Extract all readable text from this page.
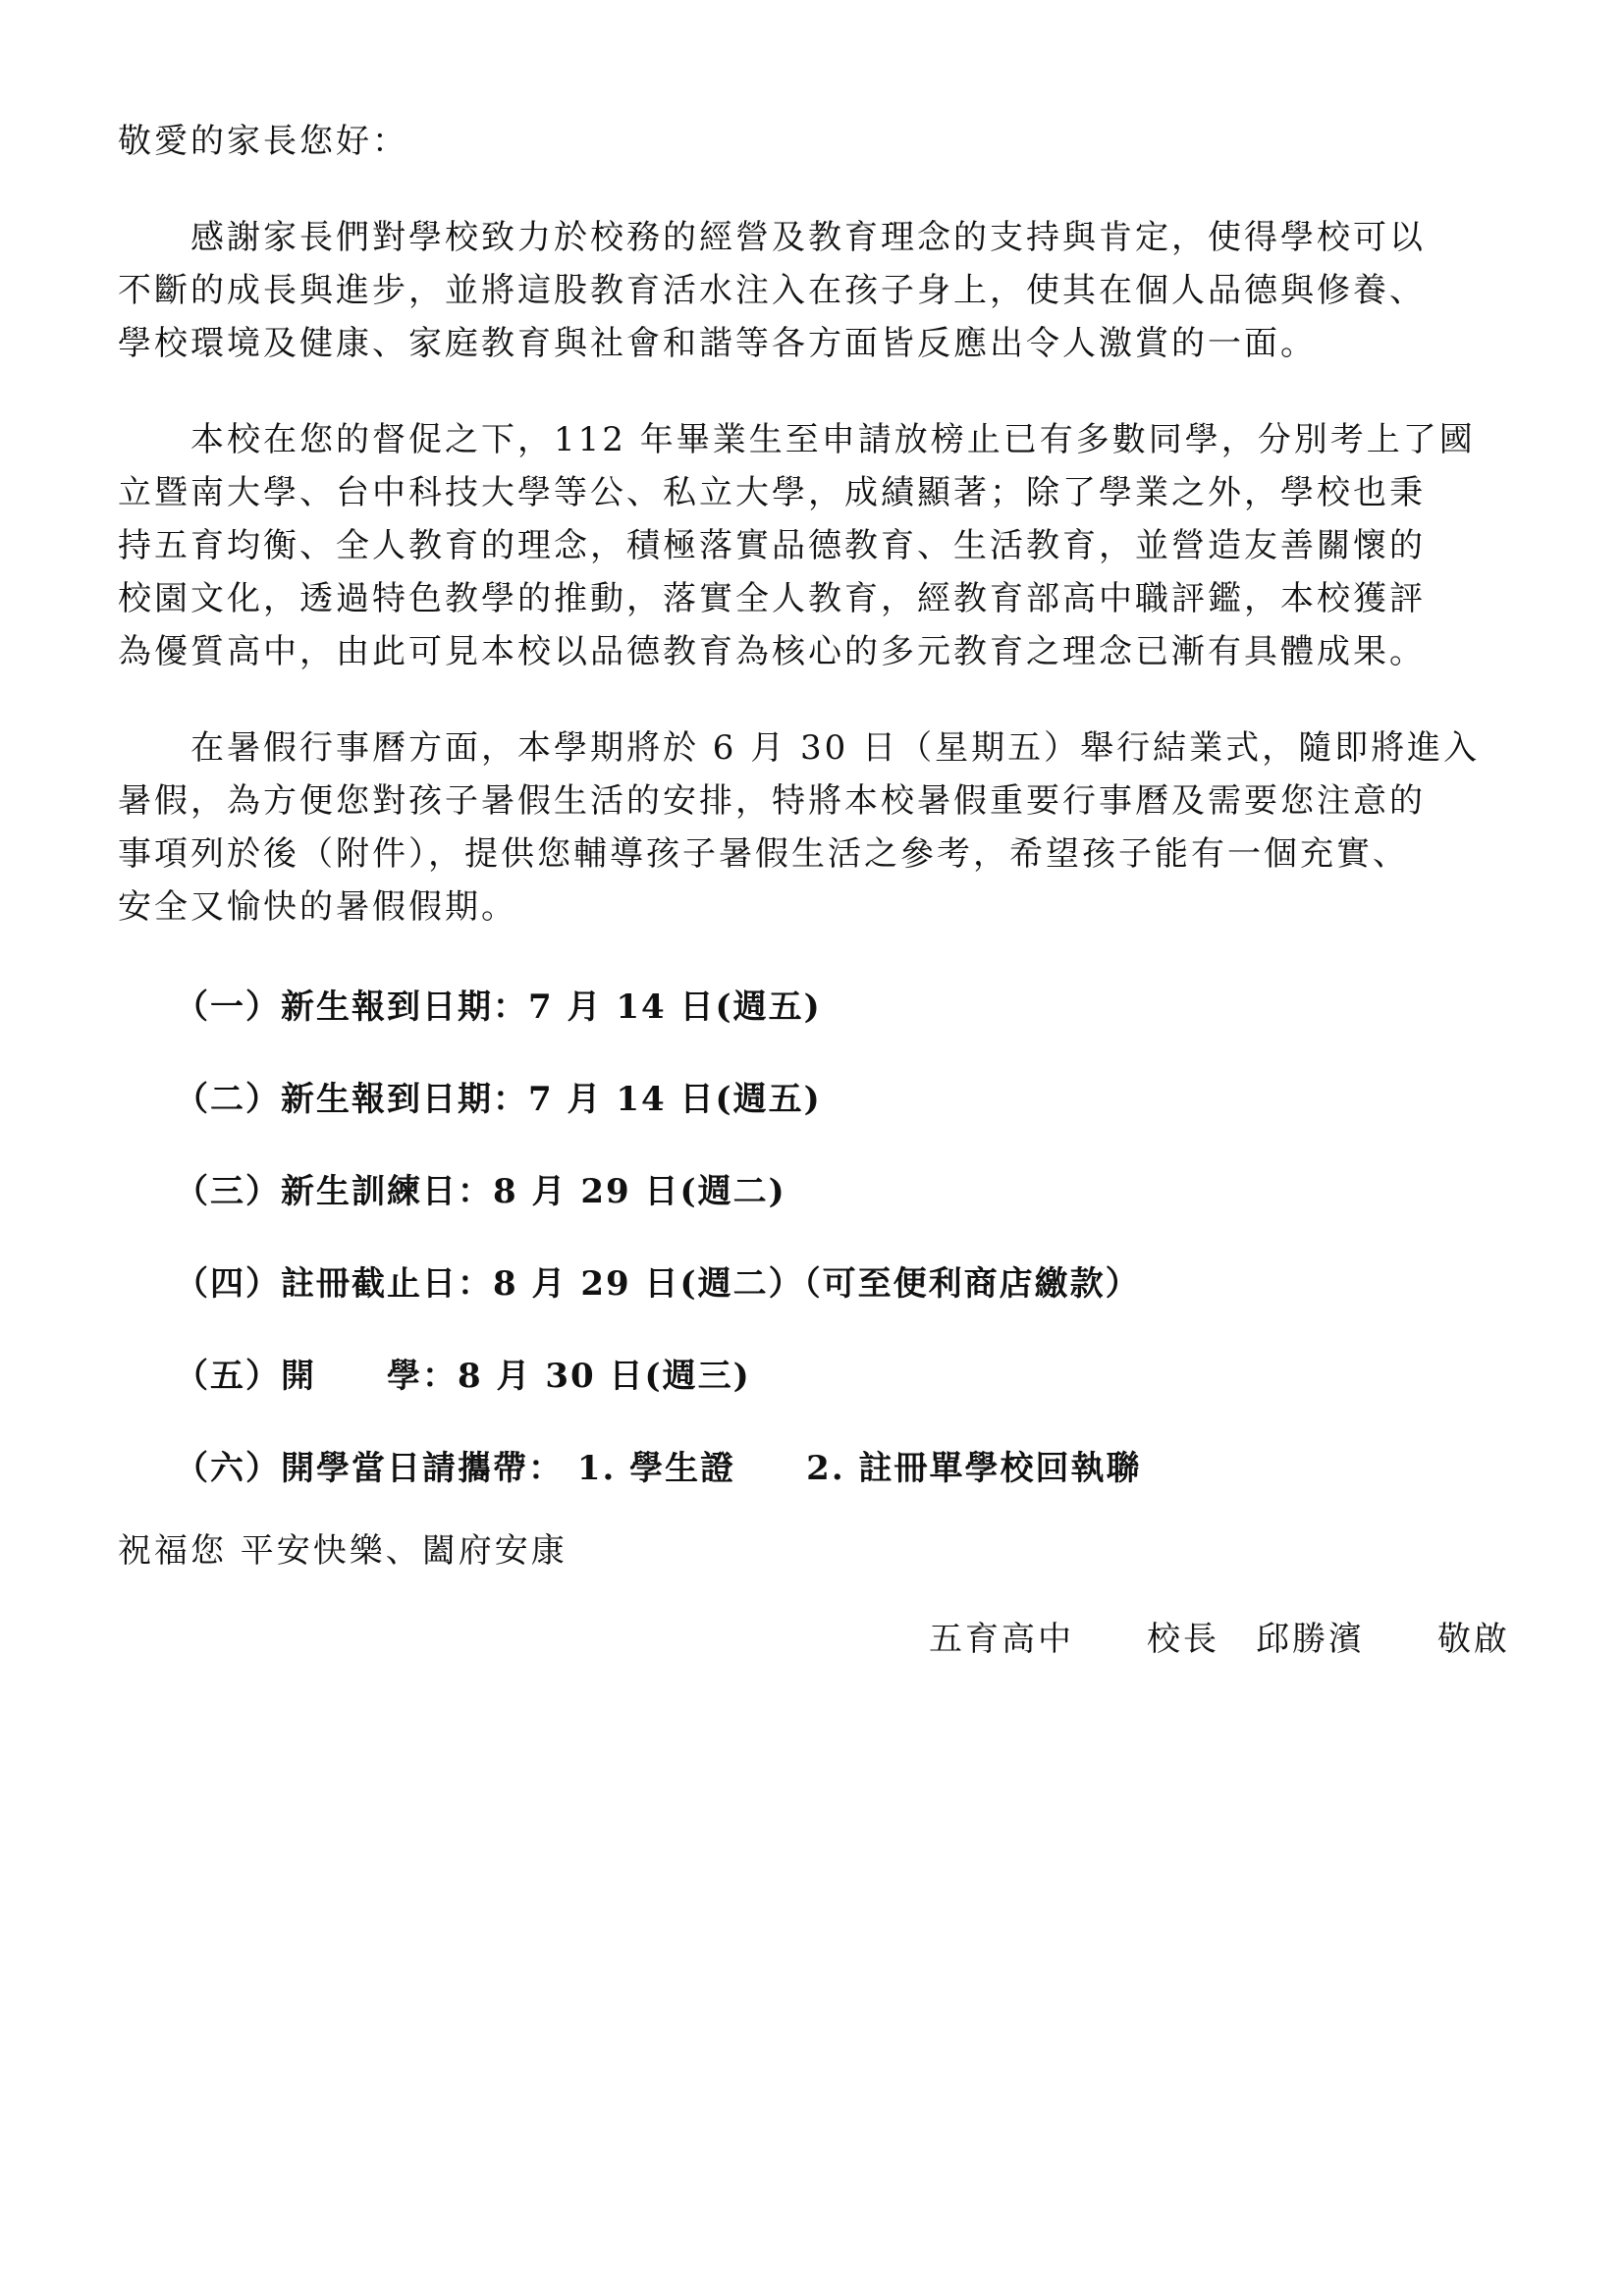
敬愛的家長您好：

感謝家長們對學校致力於校務的經營及教育理念的支持與肯定，使得學校可以

不斷的成長與進步，並將這股教育活水注入在孩子身上，使其在個人品德與修養、

學校環境及健康、家庭教育與社會和諧等各方面皆反應出令人激賞的一面。

本校在您的督促之下，112 年畢業生至申請放榜止已有多數同學，分別考上了國

立暨南大學、台中科技大學等公、私立大學，成績顯著；除了學業之外，學校也秉

持五育均衡、全人教育的理念，積極落實品德教育、生活教育，並營造友善關懷的

校園文化，透過特色教學的推動，落實全人教育，經教育部高中職評鑑，本校獲評

為優質高中，由此可見本校以品德教育為核心的多元教育之理念已漸有具體成果。

在暑假行事曆方面，本學期將於 6 月 30 日（星期五）舉行結業式，隨即將進入

暑假，為方便您對孩子暑假生活的安排，特將本校暑假重要行事曆及需要您注意的

事項列於後（附件），提供您輔導孩子暑假生活之參考，希望孩子能有一個充實、

安全又愉快的暑假假期。

（一）新生報到日期：7 月 14 日(週五)

（二）新生報到日期：7 月 14 日(週五)

（三）新生訓練日：8 月 29 日(週二)

（四）註冊截止日：8 月 29 日(週二）（可至便利商店繳款）

（五）開　　學：8 月 30 日(週三)

（六）開學當日請攜帶： 1. 學生證　　2. 註冊單學校回執聯

祝福您 平安快樂、闔府安康

五育高中　　校長　邱勝濱　　敬啟
